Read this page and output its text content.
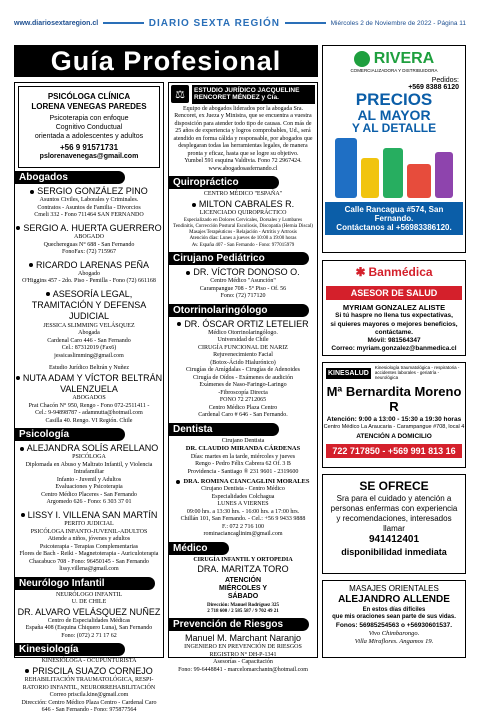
www.diariosextaregion.cl	DIARIO SEXTA REGIÓN	Miércoles 2 de Noviembre de 2022 - Página 11
Guía Profesional
PSICÓLOGA CLÍNICA
LORENA VENEGAS PAREDES
Psicoterapia con enfoque
Cognitivo Conductual
orientada a adolescentes y adultos
+56 9 91571731
pslorenavenegas@gmail.com
Abogados
SERGIO GONZÁLEZ PINO
Asuntos Civiles, Laborales y Criminales.
Contratos - Asuntos de Familia - Divorcios
Cmeli 332 - Fono 711464 SAN FERNANDO
SERGIO A. HUERTA GUERRERO
ABOGADO
Quechereguas N° 688 - San Fernando
FonoFax: (72) 715967
RICARDO LARENAS PEÑA
Abogado
O'Higgins 457 - 2do. Piso - Pemilla - Fono (72) 661168
ASESORÍA LEGAL, TRAMITACIÓN Y DEFENSA JUDICIAL
JESSICA SLIMMING VELÁSQUEZ
Abogada
Cardenal Caro 446 - San Fernando
Cel.: 87312019 (Fax6)
jessicaslimming@gmail.com
Estudio Jurídico Beltrán y Nuñez
NUTA ADAM Y VÍCTOR BELTRÁN VALENZUELA
ABOGADOS
Prat Chacón N° 950, Rengo - Fono 072-2511411 -
Cel.: 9-94898787 - adamnutta@hotmail.com
Casilla 40. Rengo. VI Región. Chile
Psicología
ALEJANDRA SOLÍS ARELLANO
PSICÓLOGA
Diplomada en Abuso y Maltrato Infantil, y Violencia Intrafamiliar
Infanto - Juvenil y Adultos
Evaluaciones y Psicoterapia
Centro Médico Placeres - San Fernando
Argomedo 626 - Fono: 6 303 37 01
LISSY I. VILLENA SAN MARTÍN
PERITO JUDICIAL
PSICÓLOGA INFANTO-JUVENIL-ADULTOS
Atiende a niños, jóvenes y adultos
Psicoterapia - Terapias Complementarias
Flores de Bach - Reiki - Magnetoterapia - Auriculoterapia
Chacabuco 708 - Fono: 96450145 - San Fernando
lissy.villena@gmail.com
Neurólogo Infantil
NEURÓLOGO INFANTIL
U. DE CHILE
DR. ALVARO VELÁSQUEZ NUÑEZ
Centro de Especialidades Médicas
España 408 (Esquina Chiquero Luna), San Fernando
Fono: (072) 2 71 17 62
Kinesiología
KINESIÓLOGA - OCUPUNTURISTA
PRISCILA SUAZO CORNEJO
REHABILITACIÓN TRAUMATOLÓGICA, RESPI-
RATORIO INFANTIL, NEURORREHABILITACIÓN
Correo priscila.kine@gmail.com
Dirección: Centro Médico Plaza Centro - Cardenal Caro
646 - San Fernando - Fono: 975877564
⚖	ESTUDIO JURÍDICO JACQUELINE RENCORET MÉNDEZ y Cía.
Equipo de abogados liderados por la abogada Sra. Rencoret, ex Jueza y Ministra, que se encuentra a vuestra disposición para atender todo tipo de causas. Con más de 25 años de experiencia y logros comprobables, Ud., será atendido en forma cálida y responsable, por abogados que desplegaran todas las herramientas legales, de manera pronta y eficaz, hasta que se logre su objetivo.
Yumbel 591 esquina Valdivia. Fono 72 2967424.
www.abogadosasfernando.cl
Quiropráctico
CENTRO MÉDICO "ESPAÑA"
MILTON CABRALES R.
LICENCIADO QUIROPRÁCTICO
Especializado en Dolores Cervicales, Dorsales y Lumbares
Tendinitis, Corrección Postural Escoliosis, Discopatía (Hernia Discal)
Masajes Terapéuticos - Relajación - Artritis y Artrosis
Atención días: Lunes a jueves de 10:00 a 19:00 horas
Av. España 407 - San Fernando - Fono: 977015979
Cirujano Pediátrico
DR. VÍCTOR DONOSO O.
Centro Médico "Asunción"
Carampangue 708 - 5° Piso - Of. 56
Fono: (72) 717120
Otorrinolaringólogo
DR. ÓSCAR ORTIZ LETELIER
Médico Otorrinolaringólogo.
Universidad de Chile
CIRUGÍA FUNCIONAL DE NARIZ
Rejuvenecimiento Facial
(Botox-Ácido Hialurónico)
Cirugías de Amígdalas - Cirugías de Adenoides
Cirugía de Oídos - Exámenes de audición
Exámenes de Naso-Faringo-Laringo
-Fibroscopía Directa
FONO 72 2712065
Centro Médico Plaza Centro
Cardenal Caro # 646 - San Fernando.
Dentista
Cirujano Dentista
DR. CLAUDIO MIRANDA CÁRDENAS
Días: martes en la tarde, miércoles y jueves
Rengo - Pedro Félix Cabrera 62 Of. 3 B
Providencia - Santiago ® 231 9601 - 2319600
DRA. ROMINA CIANCAGLINI MORALES
Cirujano Dentista - Centro Médico
Especialidades Colchagua
LUNES A VIERNES
09:00 hrs. a 13:30 hrs. - 16:00 hrs. a 17:00 hrs.
Chillán 101, San Fernando. - Cel.: +56 9 9433 9888
F.: 072 2 716 100
rominaciancaglinim@gmail.com
Médico
CIRUGÍA INFANTIL Y ORTOPEDIA
DRA. MARITZA TORO
ATENCIÓN MIÉRCOLES Y SÁBADO
Dirección: Manuel Rodríguez 325
2 718 600 / 2 585 587 / 9 702 49 21
Prevención de Riesgos
Manuel M. Marchant Naranjo
INGENIERO EN PREVENCIÓN DE RIESGOS
REGISTRO N° DH-P-1341
Asesorías - Capacitación
Fono: 99-6448841 - marcelomarchantn@hotmail.com
RIVERA
COMERCIALIZADORA Y DISTRIBUIDORA
Pedidos:
+569 8388 6120
PRECIOS
AL MAYOR
Y AL DETALLE
Calle Rancagua #574, San Fernando.
Contáctanos al +56983386120.
✱ Banmédica
ASESOR DE SALUD
MYRIAM GONZALEZ ALISTE
Si tú haspre no llena tus expectativas,
si quieres mayores o mejores beneficios,
contáctame.
Móvil: 981564347
Correo: myriam.gonzalez@banmedica.cl
KINESALUD
Kinesiología traumatológica - respiratoria - accidentes laborales - geriatría - neurológica
Mª Bernardita Moreno R
Atención: 9:00 a 13:00 - 15:30 a 19:30 horas
Centro Médico La Araucaria - Carampangue #708, local 4
ATENCIÓN A DOMICILIO
722 717850 - +569 991 813 16
SE OFRECE
Sra para el cuidado y atención a
personas enfermas con experiencia
y recomendaciones, interesados
llamar
941412401
disponibilidad inmediata
MASAJES ORIENTALES
ALEJANDRO ALLENDE
En estos días difíciles
que mis oraciones sean parte de sus vidas.
Fonos: 56985254563 o +56930601537.
Vivo Chimbarongo.
Villa Miraflores. Angamos 19.
